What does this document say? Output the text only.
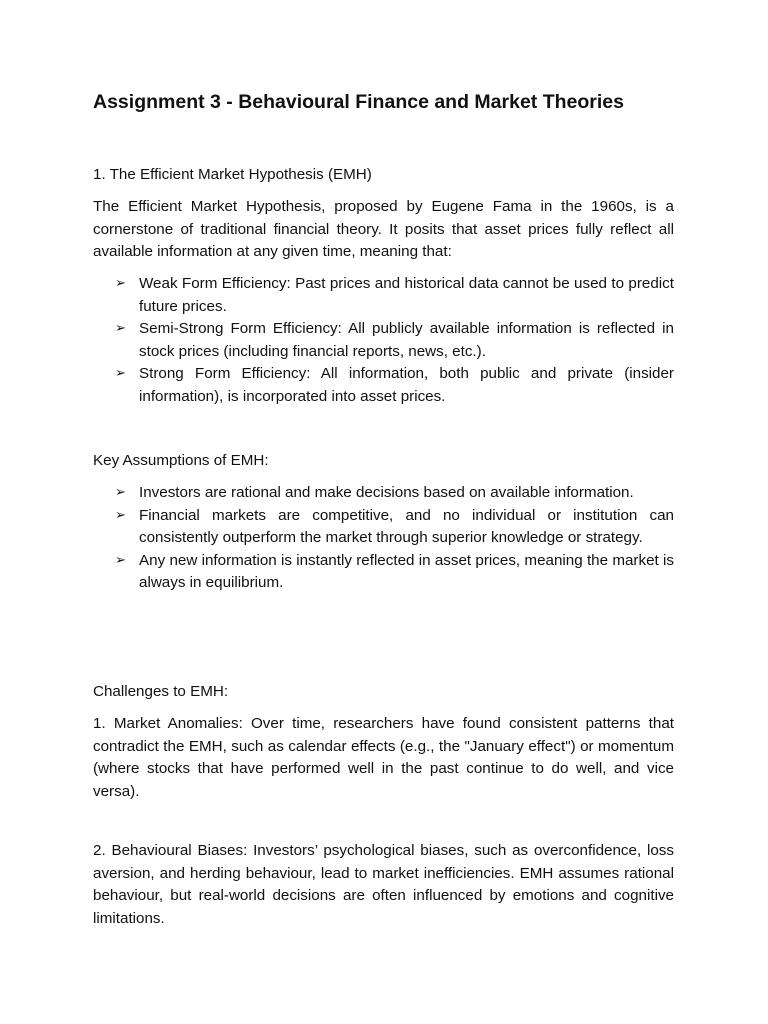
Assignment 3 - Behavioural Finance and Market Theories

1. The Efficient Market Hypothesis (EMH)

The Efficient Market Hypothesis, proposed by Eugene Fama in the 1960s, is a cornerstone of traditional financial theory. It posits that asset prices fully reflect all available information at any given time, meaning that:

➢ Weak Form Efficiency: Past prices and historical data cannot be used to predict future prices.
➢ Semi-Strong Form Efficiency: All publicly available information is reflected in stock prices (including financial reports, news, etc.).
➢ Strong Form Efficiency: All information, both public and private (insider information), is incorporated into asset prices.

Key Assumptions of EMH:

➢ Investors are rational and make decisions based on available information.
➢ Financial markets are competitive, and no individual or institution can consistently outperform the market through superior knowledge or strategy.
➢ Any new information is instantly reflected in asset prices, meaning the market is always in equilibrium.

Challenges to EMH:

1. Market Anomalies: Over time, researchers have found consistent patterns that contradict the EMH, such as calendar effects (e.g., the "January effect") or momentum (where stocks that have performed well in the past continue to do well, and vice versa).

2. Behavioural Biases: Investors’ psychological biases, such as overconfidence, loss aversion, and herding behaviour, lead to market inefficiencies. EMH assumes rational behaviour, but real-world decisions are often influenced by emotions and cognitive limitations.
